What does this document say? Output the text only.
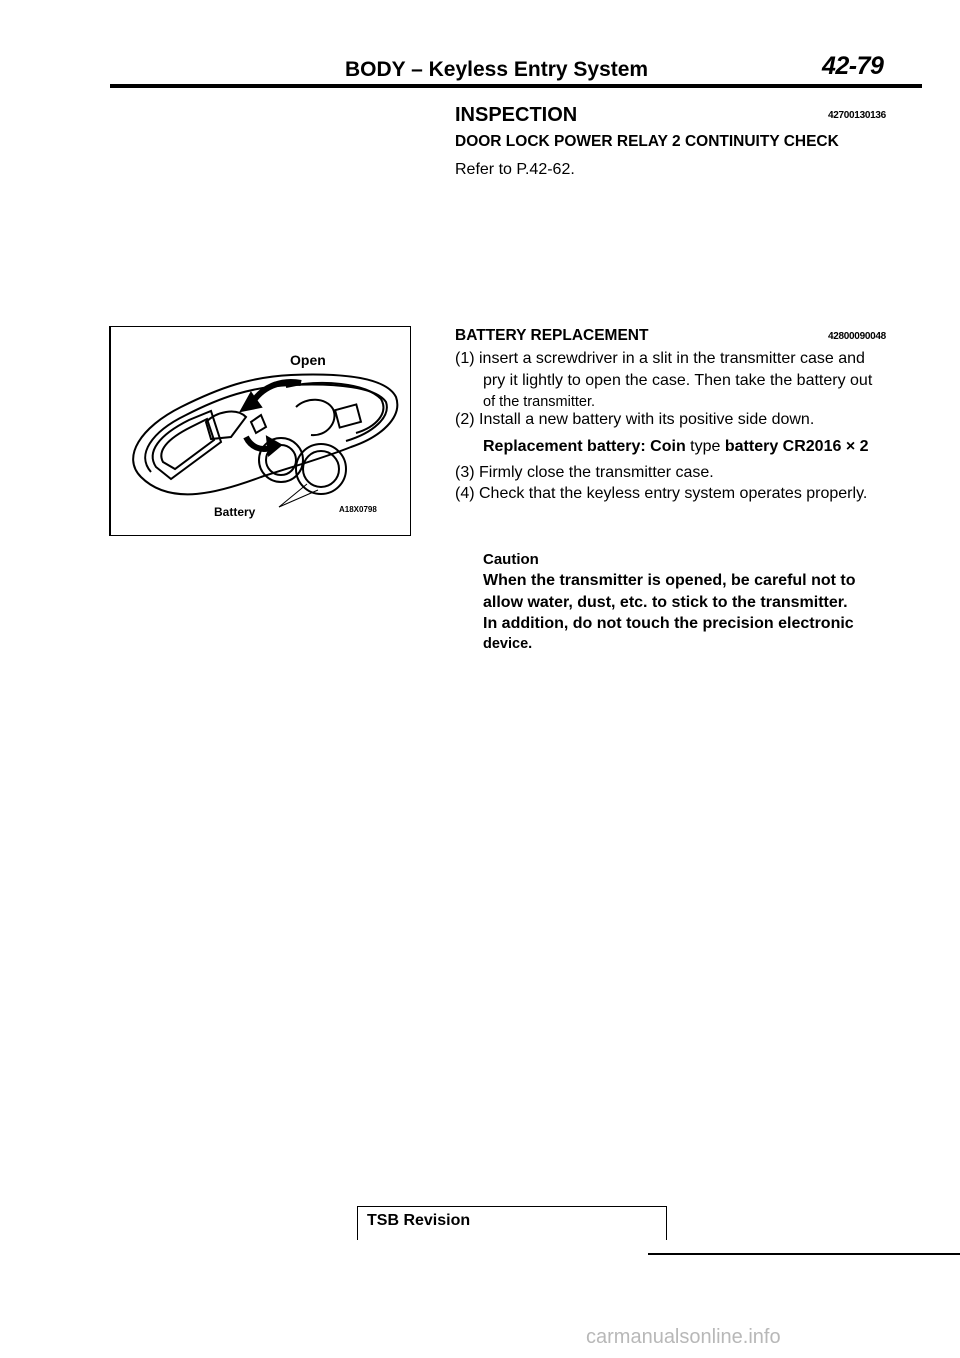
BODY – Keyless Entry System	42-79
INSPECTION	42700130136
DOOR LOCK POWER RELAY 2 CONTINUITY CHECK
Refer to P.42-62.
Open
Battery	A18X0798
BATTERY REPLACEMENT	42800090048
(1) insert a screwdriver in a slit in the transmitter case and
pry it lightly to open the case. Then take the battery out
of the transmitter.
(2) Install a new battery with its positive side down.
Replacement battery: Coin type battery CR2016 × 2
(3) Firmly close the transmitter case.
(4) Check that the keyless entry system operates properly.
Caution
When the transmitter is opened, be careful not to
allow water, dust, etc. to stick to the transmitter.
In addition, do not touch the precision electronic
device.
TSB Revision
carmanualsonline.info
